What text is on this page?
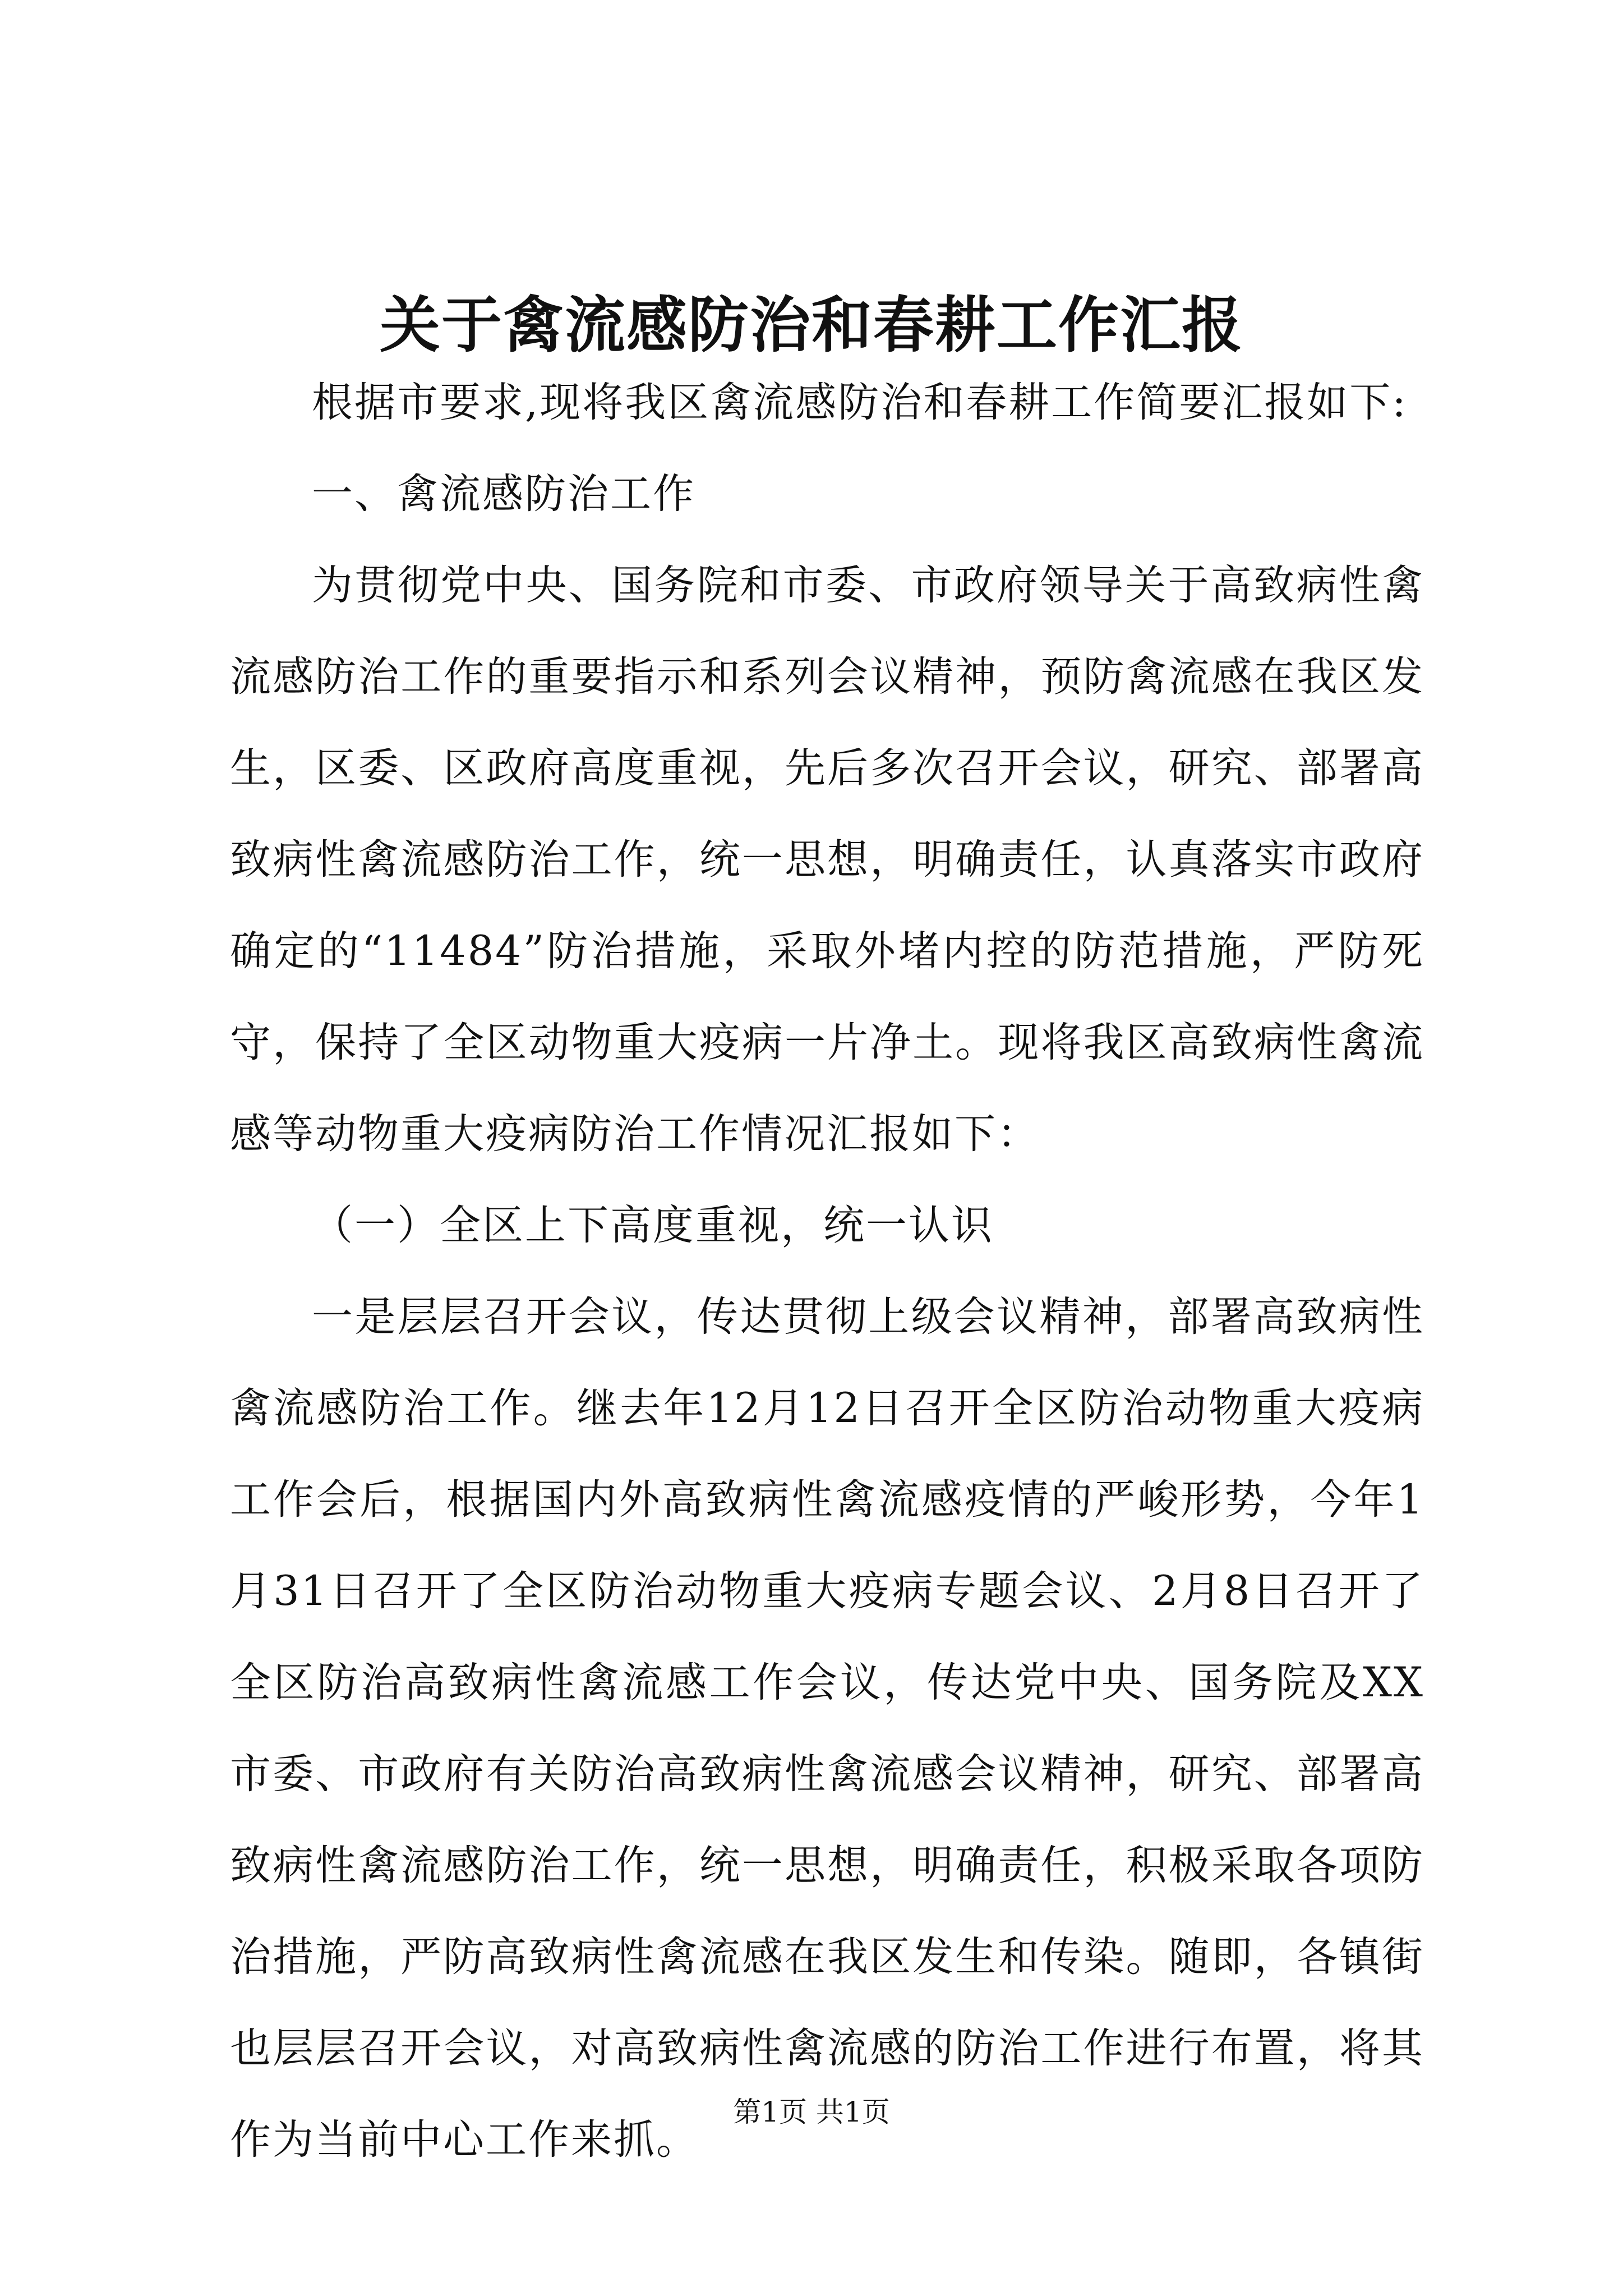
关于禽流感防治和春耕工作汇报

根据市要求,现将我区禽流感防治和春耕工作简要汇报如下:

一、禽流感防治工作

为贯彻党中央、国务院和市委、市政府领导关于高致病性禽流感防治工作的重要指示和系列会议精神，预防禽流感在我区发生，区委、区政府高度重视，先后多次召开会议，研究、部署高致病性禽流感防治工作，统一思想，明确责任，认真落实市政府确定的“11484”防治措施，采取外堵内控的防范措施，严防死守，保持了全区动物重大疫病一片净土。现将我区高致病性禽流感等动物重大疫病防治工作情况汇报如下：

（一）全区上下高度重视，统一认识

一是层层召开会议，传达贯彻上级会议精神，部署高致病性禽流感防治工作。继去年12月12日召开全区防治动物重大疫病工作会后，根据国内外高致病性禽流感疫情的严峻形势，今年1月31日召开了全区防治动物重大疫病专题会议、2月8日召开了全区防治高致病性禽流感工作会议，传达党中央、国务院及XX市委、市政府有关防治高致病性禽流感会议精神，研究、部署高致病性禽流感防治工作，统一思想，明确责任，积极采取各项防治措施，严防高致病性禽流感在我区发生和传染。随即，各镇街也层层召开会议，对高致病性禽流感的防治工作进行布置，将其作为当前中心工作来抓。

第1页 共1页
